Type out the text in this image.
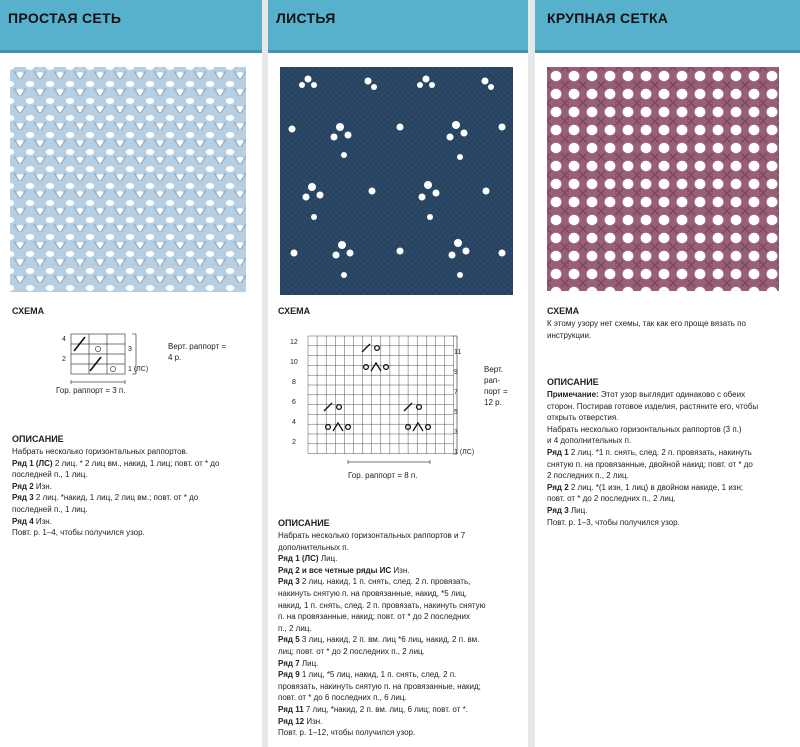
ПРОСТАЯ СЕТЬ
СХЕМА
4
2
3
1 (ЛС)
Верт. раппорт =
4 р.
Гор. раппорт = 3 п.
ОПИСАНИЕ
Набрать несколько горизонтальных раппортов.
Ряд 1 (ЛС) 2 лиц. * 2 лиц вм., накид, 1 лиц; повт. от * до
последней п., 1 лиц.
Ряд 2 Изн.
Ряд 3 2 лиц. *накид, 1 лиц, 2 лиц вм.; повт. от * до
последней п., 1 лиц.
Ряд 4 Изн.
Повт. р. 1–4, чтобы получился узор.
ЛИСТЬЯ
СХЕМА
12
10
8
6
4
2
11
9
7
5
3
1 (ЛС)
Верт.
рап-
порт =
12 р.
Гор. раппорт = 8 п.
ОПИСАНИЕ
Набрать несколько горизонтальных раппортов и 7
дополнительных п.
Ряд 1 (ЛС) Лиц.
Ряд 2 и все четные ряды ИС Изн.
Ряд 3 2 лиц. накид, 1 п. снять, след. 2 п. провязать,
накинуть снятую п. на провязанные, накид, *5 лиц,
накид, 1 п. снять, след. 2 п. провязать, накинуть снятую
п. на провязанные, накид; повт. от * до 2 последних
п., 2 лиц.
Ряд 5 3 лиц, накид, 2 п. вм. лиц *6 лиц, накид, 2 п. вм.
лиц; повт. от * до 2 последних п., 2 лиц.
Ряд 7 Лиц.
Ряд 9 1 лиц, *5 лиц, накид, 1 п. снять, след. 2 п.
провязать, накинуть снятую п. на провязанные, накид;
повт. от * до 6 последних п., 6 лиц.
Ряд 11 7 лиц, *накид, 2 п. вм. лиц, 6 лиц; повт. от *.
Ряд 12 Изн.
Повт. р. 1–12, чтобы получился узор.
КРУПНАЯ СЕТКА
СХЕМА
К этому узору нет схемы, так как его проще вязать по
инструкции.
ОПИСАНИЕ
Примечание: Этот узор выглядит одинаково с обеих
сторон. Постирав готовое изделия, растяните его, чтобы
открыть отверстия.
Набрать несколько горизонтальных раппортов (3 п.)
и 4 дополнительных п.
Ряд 1 2 лиц. *1 п. снять, след. 2 п. провязать, накинуть
снятую п. на провязанные, двойной накид; повт. от * до
2 последних п., 2 лиц.
Ряд 2 2 лиц. *(1 изн, 1 лиц) в двойном накиде, 1 изн;
повт. от * до 2 последних п., 2 лиц.
Ряд 3 Лиц.
Повт. р. 1–3, чтобы получился узор.
